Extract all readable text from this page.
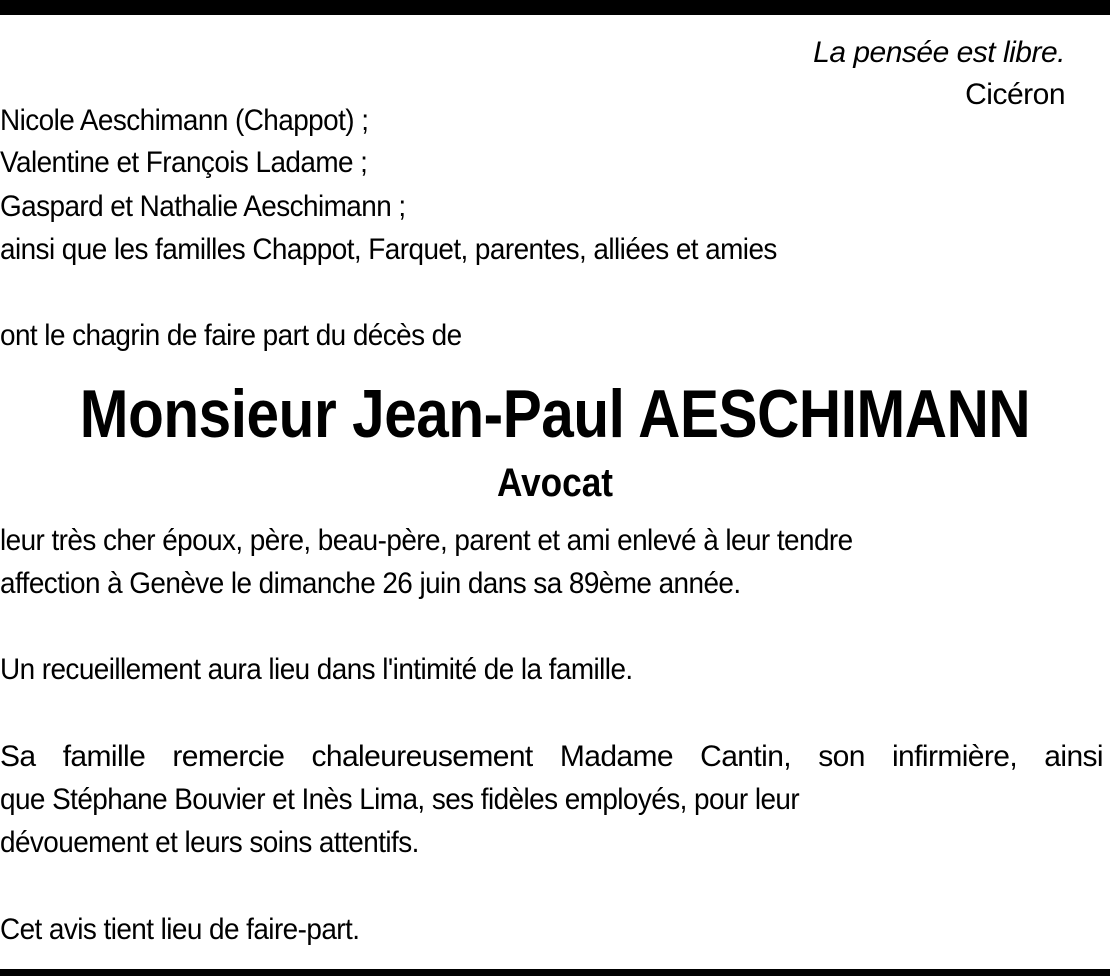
La pensée est libre.
Cicéron
Nicole Aeschimann (Chappot) ;
Valentine et François Ladame ;
Gaspard et Nathalie Aeschimann ;
ainsi que les familles Chappot, Farquet, parentes, alliées et amies
ont le chagrin de faire part du décès de
Monsieur Jean-Paul AESCHIMANN
Avocat
leur très cher époux, père, beau-père, parent et ami enlevé à leur tendre
affection à Genève le dimanche 26 juin dans sa 89ème année.
Un recueillement aura lieu dans l'intimité de la famille.
Sa famille remercie chaleureusement Madame Cantin, son infirmière, ainsi
que Stéphane Bouvier et Inès Lima, ses fidèles employés, pour leur
dévouement et leurs soins attentifs.
Cet avis tient lieu de faire-part.
